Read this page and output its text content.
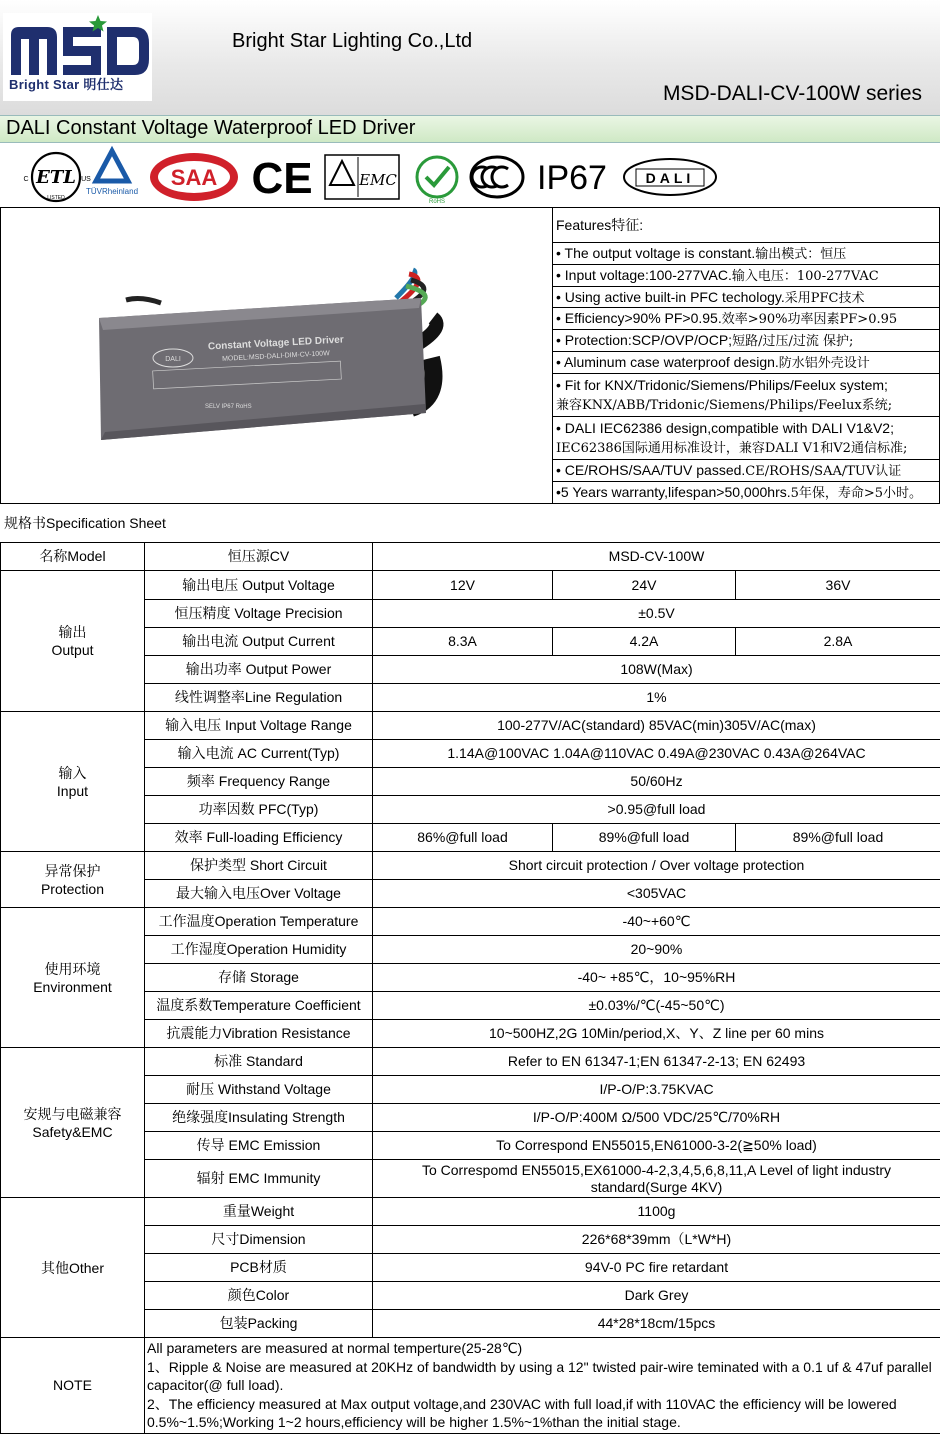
Bright Star 明仕达
Bright Star Lighting Co.,Ltd
MSD-DALI-CV-100W series
DALI Constant Voltage Waterproof LED Driver
ETL
C	US
LISTED
TÜVRheinland
SAA CE	EMC
RoHS
IP67	DALI
Constant Voltage LED Driver
MODEL:MSD-DALI-DIM-CV-100W
DALI
SELV IP67 RoHS
Features特征:
• The output voltage is constant.输出模式：恒压
• Input voltage:100-277VAC.输入电压：100-277VAC
• Using active built-in PFC techology.采用PFC技术
• Efficiency>90% PF>0.95.效率>90%功率因素PF>0.95
• Protection:SCP/OVP/OCP;短路/过压/过流 保护;
• Aluminum case waterproof design.防水铝外壳设计
• Fit for KNX/Tridonic/Siemens/Philips/Feelux system;
兼容KNX/ABB/Tridonic/Siemens/Philips/Feelux系统;
• DALI IEC62386 design,compatible with DALI V1&V2;
IEC62386国际通用标准设计，兼容DALI V1和V2通信标准;
• CE/ROHS/SAA/TUV passed.CE/ROHS/SAA/TUV认证
•5 Years warranty,lifespan>50,000hrs.5年保，寿命>5小时。
规格书Specification Sheet
名称Model	恒压源CV	MSD-CV-100W		
输出
Output	输出电压 Output Voltage	12V	24V	36V
	恒压精度 Voltage Precision	±0.5V		
	输出电流 Output Current	8.3A	4.2A	2.8A
	输出功率 Output Power	108W(Max)		
	线性调整率Line Regulation	1%		
输入
Input	输入电压 Input Voltage Range	100-277V/AC(standard) 85VAC(min)305V/AC(max)		
	输入电流 AC Current(Typ)	1.14A@100VAC 1.04A@110VAC 0.49A@230VAC 0.43A@264VAC		
	频率 Frequency Range	50/60Hz		
	功率因数 PFC(Typ)	>0.95@full load		
	效率 Full-loading Efficiency	86%@full load	89%@full load	89%@full load
异常保护
Protection	保护类型 Short Circuit	Short circuit protection / Over voltage protection		
	最大输入电压Over Voltage	<305VAC		
使用环境
Environment	工作温度Operation Temperature	-40~+60℃		
	工作湿度Operation Humidity	20~90%		
	存储 Storage	-40~ +85℃，10~95%RH		
	温度系数Temperature Coefficient	±0.03%/℃(-45~50℃)		
	抗震能力Vibration Resistance	10~500HZ,2G 10Min/period,X、Y、Z line per 60 mins		
安规与电磁兼容
Safety&EMC	标准 Standard	Refer to EN 61347-1;EN 61347-2-13; EN 62493		
	耐压 Withstand Voltage	I/P-O/P:3.75KVAC		
	绝缘强度Insulating Strength	I/P-O/P:400M Ω/500 VDC/25℃/70%RH		
	传导 EMC Emission	To Correspond EN55015,EN61000-3-2(≧50% load)		
	辐射 EMC Immunity	To Correspomd EN55015,EX61000-4-2,3,4,5,6,8,11,A Level of light industry standard(Surge 4KV)		
其他Other	重量Weight	1100g		
	尺寸Dimension	226*68*39mm（L*W*H)		
	PCB材质	94V-0 PC fire retardant		
	颜色Color	Dark Grey		
	包装Packing	44*28*18cm/15pcs		
NOTE	All parameters are measured at normal temperture(25-28℃)
1、Ripple & Noise are measured at 20KHz of bandwidth by using a 12" twisted pair-wire teminated with a 0.1 uf & 47uf parallel capacitor(@ full load).
2、The efficiency measured at Max output voltage,and 230VAC with full load,if with 110VAC the efficiency will be lowered 0.5%~1.5%;Working 1~2 hours,efficiency will be higher 1.5%~1%than the initial stage.			
